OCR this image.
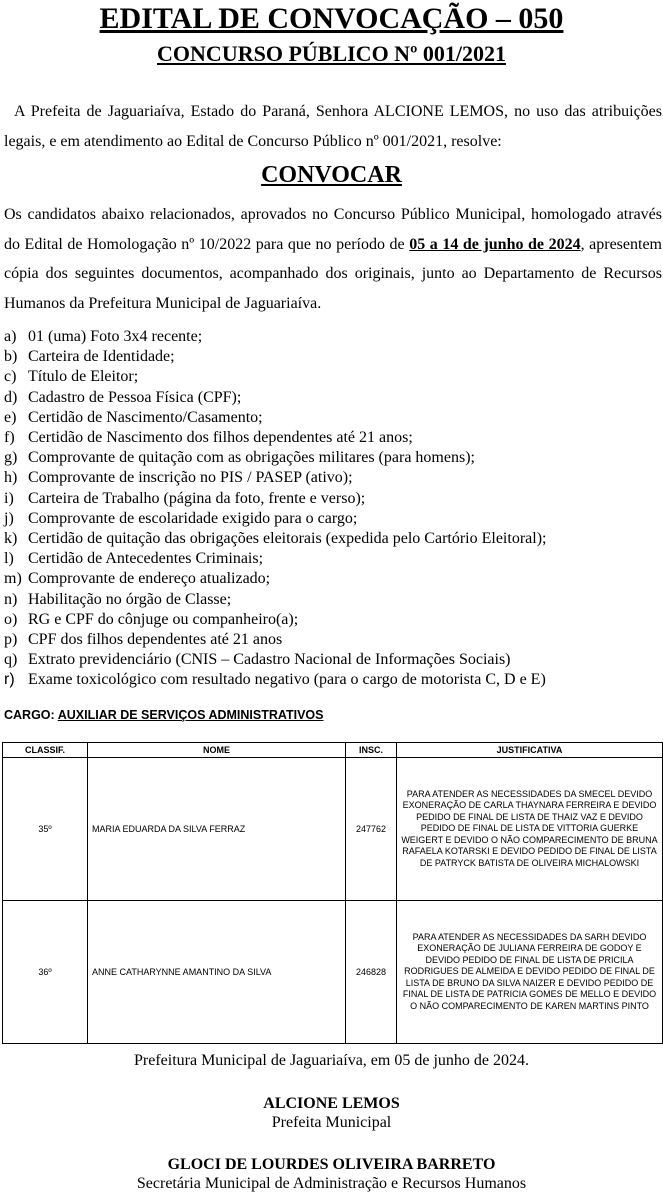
EDITAL DE CONVOCAÇÃO – 050
CONCURSO PÚBLICO Nº 001/2021
A Prefeita de Jaguariaíva, Estado do Paraná, Senhora ALCIONE LEMOS, no uso das atribuições legais, e em atendimento ao Edital de Concurso Público nº 001/2021, resolve:
CONVOCAR
Os candidatos abaixo relacionados, aprovados no Concurso Público Municipal, homologado através do Edital de Homologação nº 10/2022 para que no período de 05 a 14 de junho de 2024, apresentem cópia dos seguintes documentos, acompanhado dos originais, junto ao Departamento de Recursos Humanos da Prefeitura Municipal de Jaguariaíva.
a) 01 (uma) Foto 3x4 recente;
b) Carteira de Identidade;
c) Título de Eleitor;
d) Cadastro de Pessoa Física (CPF);
e) Certidão de Nascimento/Casamento;
f) Certidão de Nascimento dos filhos dependentes até 21 anos;
g) Comprovante de quitação com as obrigações militares (para homens);
h) Comprovante de inscrição no PIS / PASEP (ativo);
i) Carteira de Trabalho (página da foto, frente e verso);
j) Comprovante de escolaridade exigido para o cargo;
k) Certidão de quitação das obrigações eleitorais (expedida pelo Cartório Eleitoral);
l) Certidão de Antecedentes Criminais;
m) Comprovante de endereço atualizado;
n) Habilitação no órgão de Classe;
o) RG e CPF do cônjuge ou companheiro(a);
p) CPF dos filhos dependentes até 21 anos
q) Extrato previdenciário (CNIS – Cadastro Nacional de Informações Sociais)
r) Exame toxicológico com resultado negativo (para o cargo de motorista C, D e E)
CARGO: AUXILIAR DE SERVIÇOS ADMINISTRATIVOS
CLASSIF.	NOME	INSC.	JUSTIFICATIVA
35º	MARIA EDUARDA DA SILVA FERRAZ	247762	PARA ATENDER AS NECESSIDADES DA SMECEL DEVIDO EXONERAÇÃO DE CARLA THAYNARA FERREIRA E DEVIDO PEDIDO DE FINAL DE LISTA DE THAIZ VAZ E DEVIDO PEDIDO DE FINAL DE LISTA DE VITTORIA GUERKE WEIGERT E DEVIDO O NÃO COMPARECIMENTO DE BRUNA RAFAELA KOTARSKI E DEVIDO PEDIDO DE FINAL DE LISTA DE PATRYCK BATISTA DE OLIVEIRA MICHALOWSKI
36º	ANNE CATHARYNNE AMANTINO DA SILVA	246828	PARA ATENDER AS NECESSIDADES DA SARH DEVIDO EXONERAÇÃO DE JULIANA FERREIRA DE GODOY E DEVIDO PEDIDO DE FINAL DE LISTA DE PRICILA RODRIGUES DE ALMEIDA E DEVIDO PEDIDO DE FINAL DE LISTA DE BRUNO DA SILVA NAIZER E DEVIDO PEDIDO DE FINAL DE LISTA DE PATRICIA GOMES DE MELLO E DEVIDO O NÃO COMPARECIMENTO DE KAREN MARTINS PINTO
Prefeitura Municipal de Jaguariaíva, em 05 de junho de 2024.
ALCIONE LEMOS
Prefeita Municipal
GLOCI DE LOURDES OLIVEIRA BARRETO
Secretária Municipal de Administração e Recursos Humanos
